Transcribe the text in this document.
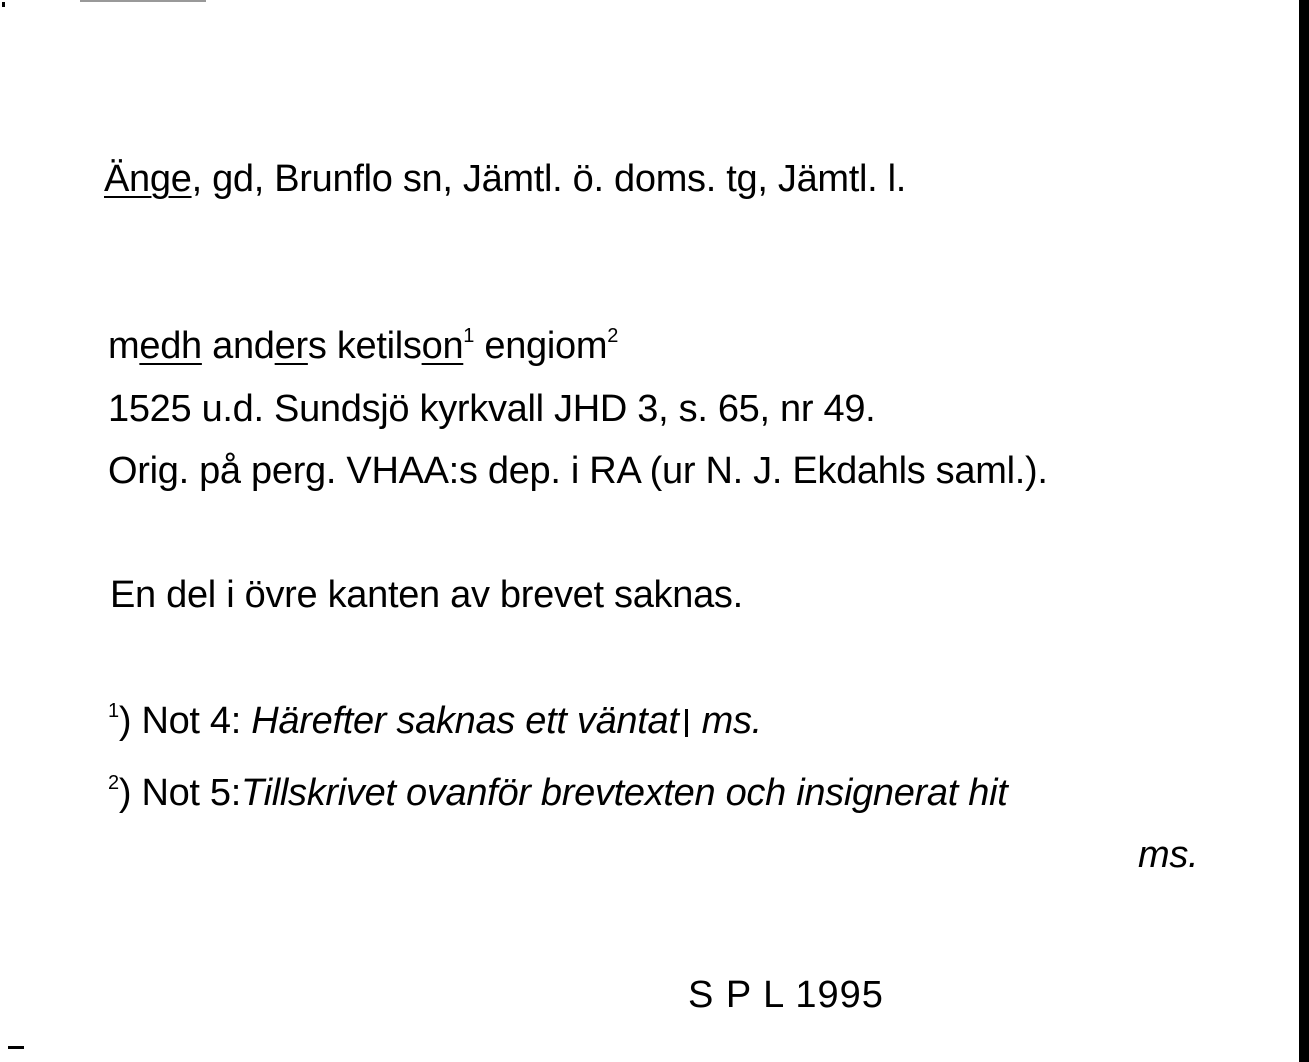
Änge, gd, Brunflo sn, Jämtl. ö. doms. tg, Jämtl. l.
medh anders ketilson$^1$ engiom$^2$
1525 u.d. Sundsjö kyrkvall JHD 3, s. 65, nr 49.
Orig. på perg. VHAA:s dep. i RA (ur N. J. Ekdahls saml.).
En del i övre kanten av brevet saknas.
$^1$) Not 4: Härefter saknas ett väntat ms.
$^2$) Not 5:Tillskrivet ovanför brevtexten och insignerat hit
ms.
S P L 1995
